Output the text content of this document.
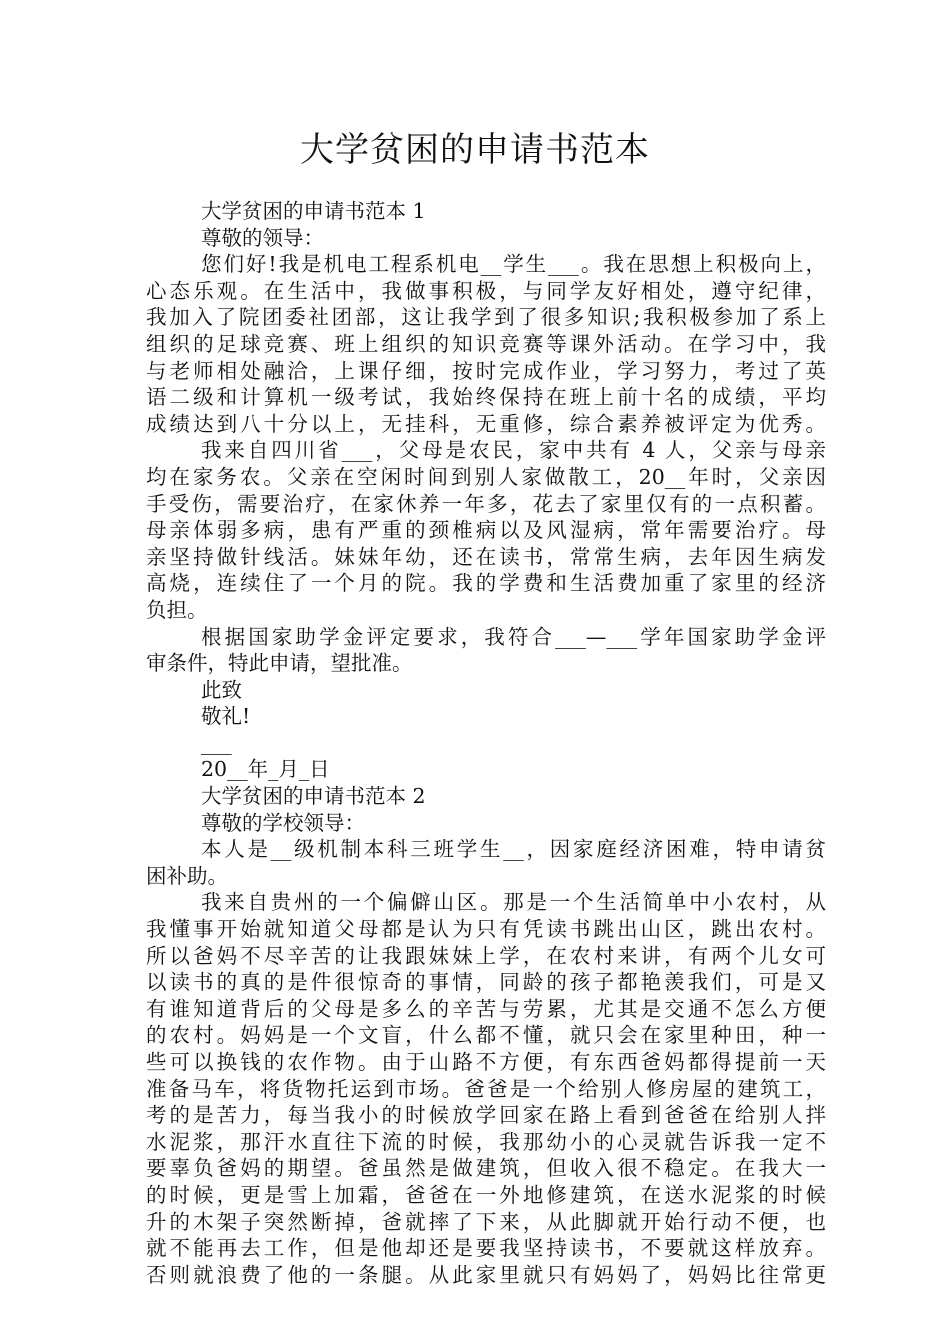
大学贫困的申请书范本
大学贫困的申请书范本 1
尊敬的领导：
您们好!我是机电工程系机电__学生___。我在思想上积极向上，
心态乐观。在生活中，我做事积极，与同学友好相处，遵守纪律，
我加入了院团委社团部，这让我学到了很多知识;我积极参加了系上
组织的足球竞赛、班上组织的知识竞赛等课外活动。在学习中，我
与老师相处融洽，上课仔细，按时完成作业，学习努力，考过了英
语二级和计算机一级考试，我始终保持在班上前十名的成绩，平均
成绩达到八十分以上，无挂科，无重修，综合素养被评定为优秀。
我来自四川省___，父母是农民，家中共有 4 人，父亲与母亲
均在家务农。父亲在空闲时间到别人家做散工，20__年时，父亲因
手受伤，需要治疗，在家休养一年多，花去了家里仅有的一点积蓄。
母亲体弱多病，患有严重的颈椎病以及风湿病，常年需要治疗。母
亲坚持做针线活。妹妹年幼，还在读书，常常生病，去年因生病发
高烧，连续住了一个月的院。我的学费和生活费加重了家里的经济
负担。
根据国家助学金评定要求，我符合___—___学年国家助学金评
审条件，特此申请，望批准。
此致
敬礼!
___
20__年_月_日
大学贫困的申请书范本 2
尊敬的学校领导：
本人是__级机制本科三班学生__，因家庭经济困难，特申请贫
困补助。
我来自贵州的一个偏僻山区。那是一个生活简单中小农村，从
我懂事开始就知道父母都是认为只有凭读书跳出山区，跳出农村。
所以爸妈不尽辛苦的让我跟妹妹上学，在农村来讲，有两个儿女可
以读书的真的是件很惊奇的事情，同龄的孩子都艳羡我们，可是又
有谁知道背后的父母是多么的辛苦与劳累，尤其是交通不怎么方便
的农村。妈妈是一个文盲，什么都不懂，就只会在家里种田，种一
些可以换钱的农作物。由于山路不方便，有东西爸妈都得提前一天
准备马车，将货物托运到市场。爸爸是一个给别人修房屋的建筑工，
考的是苦力，每当我小的时候放学回家在路上看到爸爸在给别人拌
水泥浆，那汗水直往下流的时候，我那幼小的心灵就告诉我一定不
要辜负爸妈的期望。爸虽然是做建筑，但收入很不稳定。在我大一
的时候，更是雪上加霜，爸爸在一外地修建筑，在送水泥浆的时候
升的木架子突然断掉，爸就摔了下来，从此脚就开始行动不便，也
就不能再去工作，但是他却还是要我坚持读书，不要就这样放弃。
否则就浪费了他的一条腿。从此家里就只有妈妈了，妈妈比往常更
